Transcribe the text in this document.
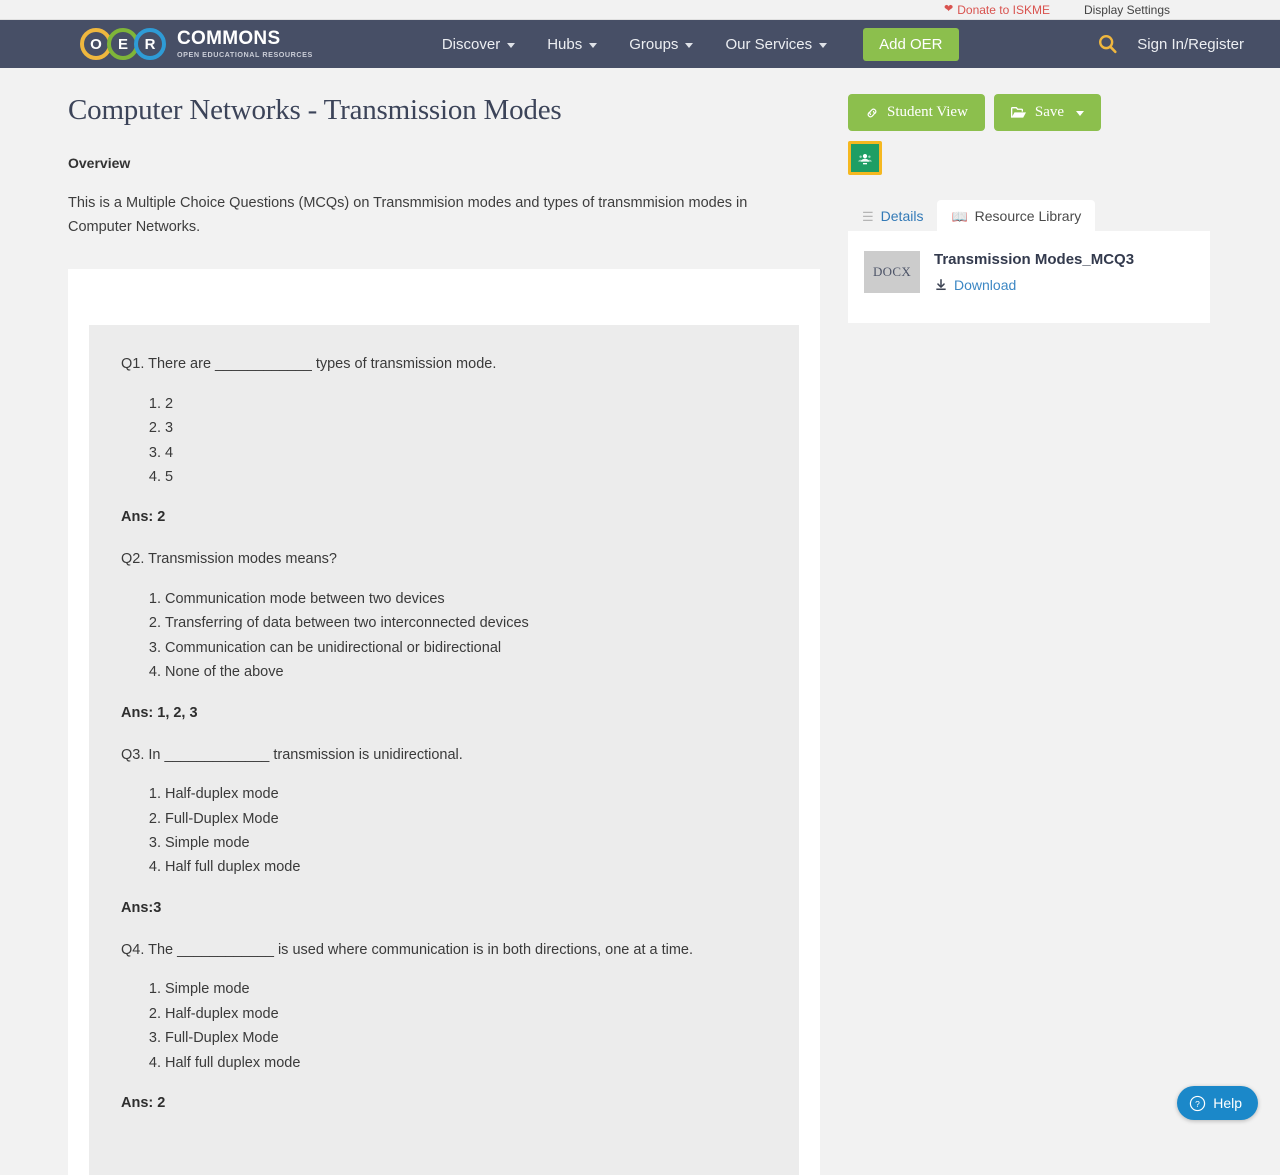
❤ Donate to ISKME	Display Settings
O	E	R	COMMONS
OPEN EDUCATIONAL RESOURCES
Discover	Hubs	Groups	Our Services	Add OER	Sign In/Register
Computer Networks - Transmission Modes
Overview

This is a Multiple Choice Questions (MCQs) on Transmmision modes and types of transmmision modes in Computer Networks.

Q1. There are ____________ types of transmission mode.

1. 2
2. 3
3. 4
4. 5

Ans: 2

Q2. Transmission modes means?

1. Communication mode between two devices
2. Transferring of data between two interconnected devices
3. Communication can be unidirectional or bidirectional
4. None of the above

Ans: 1, 2, 3

Q3. In _____________ transmission is unidirectional.

1. Half-duplex mode
2. Full-Duplex Mode
3. Simple mode
4. Half full duplex mode

Ans:3

Q4. The ____________ is used where communication is in both directions, one at a time.

1. Simple mode
2. Half-duplex mode
3. Full-Duplex Mode
4. Half full duplex mode

Ans: 2

Student View	Save
☰ Details 📖 Resource Library
DOCX
Transmission Modes_MCQ3
Download
? Help
